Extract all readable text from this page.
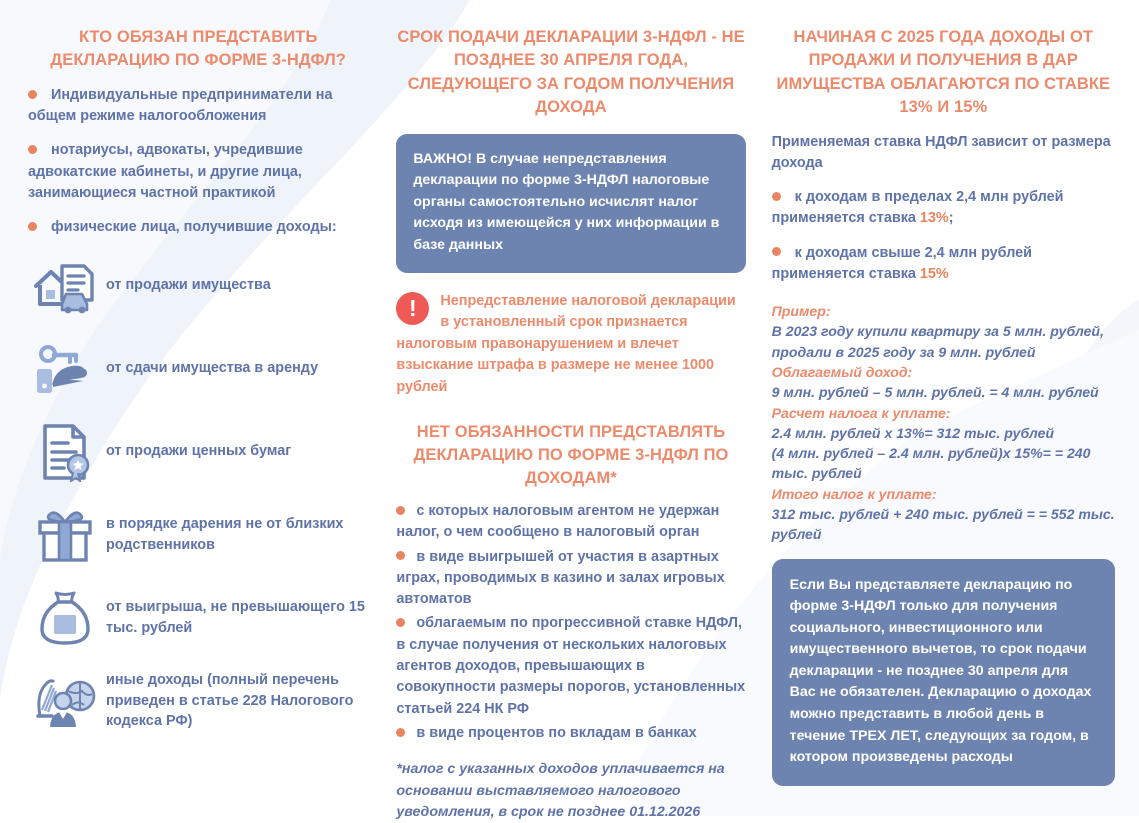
КТО ОБЯЗАН ПРЕДСТАВИТЬ ДЕКЛАРАЦИЮ ПО ФОРМЕ 3-НДФЛ?
Индивидуальные предприниматели на общем режиме налогообложения
нотариусы, адвокаты, учредившие адвокатские кабинеты, и другие лица, занимающиеся частной практикой
физические лица, получившие доходы:
от продажи имущества
от сдачи имущества в аренду
от продажи ценных бумаг
в порядке дарения не от близких родственников
от выигрыша, не превышающего 15 тыс. рублей
иные доходы (полный перечень приведен в статье 228 Налогового кодекса РФ)
СРОК ПОДАЧИ ДЕКЛАРАЦИИ 3-НДФЛ - НЕ ПОЗДНЕЕ 30 АПРЕЛЯ ГОДА, СЛЕДУЮЩЕГО ЗА ГОДОМ ПОЛУЧЕНИЯ ДОХОДА
ВАЖНО! В случае непредставления декларации по форме 3-НДФЛ налоговые органы самостоятельно исчислят налог исходя из имеющейся у них информации в базе данных
!	Непредставление налоговой декларации в установленный срок признается налоговым правонарушением и влечет взыскание штрафа в размере не менее 1000 рублей
НЕТ ОБЯЗАННОСТИ ПРЕДСТАВЛЯТЬ ДЕКЛАРАЦИЮ ПО ФОРМЕ 3-НДФЛ ПО ДОХОДАМ*
с которых налоговым агентом не удержан налог, о чем сообщено в налоговый орган
в виде выигрышей от участия в азартных играх, проводимых в казино и залах игровых автоматов
облагаемым по прогрессивной ставке НДФЛ, в случае получения от нескольких налоговых агентов доходов, превышающих в совокупности размеры порогов, установленных статьей 224 НК РФ
в виде процентов по вкладам в банках
*налог с указанных доходов уплачивается на основании выставляемого налогового уведомления, в срок не позднее 01.12.2026
НАЧИНАЯ С 2025 ГОДА ДОХОДЫ ОТ ПРОДАЖИ И ПОЛУЧЕНИЯ В ДАР ИМУЩЕСТВА ОБЛАГАЮТСЯ ПО СТАВКЕ 13% И 15%
Применяемая ставка НДФЛ зависит от размера дохода
к доходам в пределах 2,4 млн рублей применяется ставка 13%;
к доходам свыше 2,4 млн рублей применяется ставка 15%
Пример:
В 2023 году купили квартиру за 5 млн. рублей, продали в 2025 году за 9 млн. рублей
Облагаемый доход:
9 млн. рублей – 5 млн. рублей. = 4 млн. рублей
Расчет налога к уплате:
2.4 млн. рублей х 13%= 312 тыс. рублей
(4 млн. рублей – 2.4 млн. рублей)х 15%= = 240 тыс. рублей
Итого налог к уплате:
312 тыс. рублей + 240 тыс. рублей = = 552 тыс. рублей
Если Вы представляете декларацию по форме 3-НДФЛ только для получения социального, инвестиционного или имущественного вычетов, то срок подачи декларации - не позднее 30 апреля для Вас не обязателен. Декларацию о доходах можно представить в любой день в течение ТРЕХ ЛЕТ, следующих за годом, в котором произведены расходы
